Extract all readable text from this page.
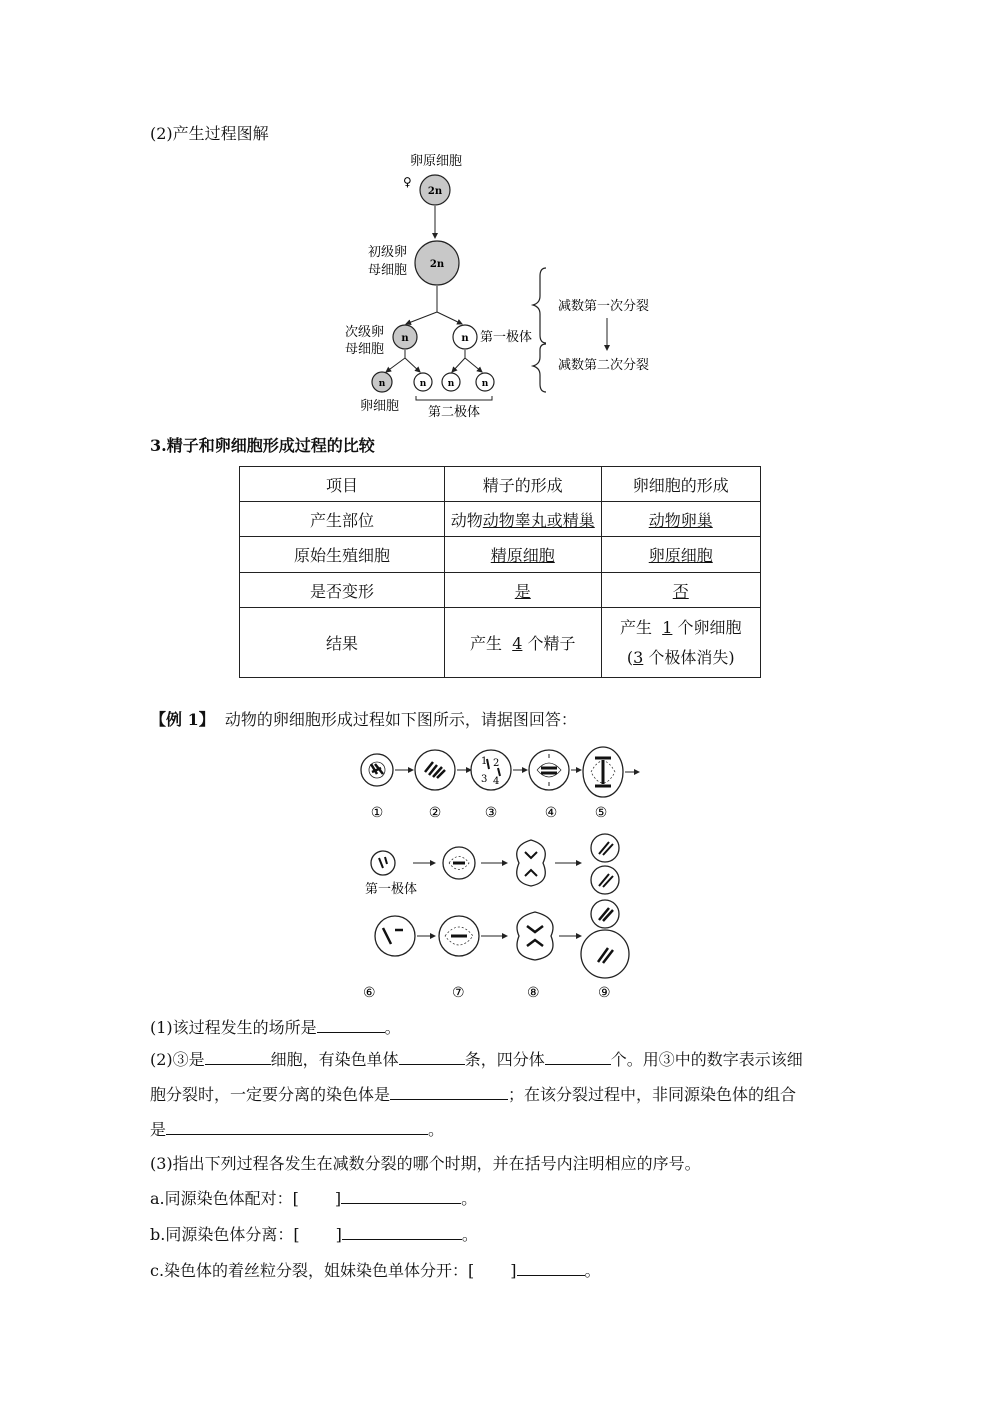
(2)产生过程图解
卵原细胞
♀
2n
初级卵
母细胞 2n
次级卵
母细胞
n	n 第一极体
n	n n	n
卵细胞 第二极体
减数第一次分裂
减数第二次分裂
3.精子和卵细胞形成过程的比较
项目	精子的形成	卵细胞的形成
产生部位	动物动物睾丸或精巢	动物卵巢
原始生殖细胞	精原细胞	卵原细胞
是否变形	是	否
结果	产生 4 个精子	产生 1 个卵细胞
(3 个极体消失)
【例 1】 动物的卵细胞形成过程如下图所示，请据图回答：
1 2
3 4
①	②	③	④	⑤
第一极体
⑥	⑦	⑧	⑨
(1)该过程发生的场所是	。
(2)③是	细胞，有染色单体	条，四分体	个。用③中的数字表示该细
胞分裂时，一定要分离的染色体是	；在该分裂过程中，非同源染色体的组合
是	。
(3)指出下列过程各发生在减数分裂的哪个时期，并在括号内注明相应的序号。
a.同源染色体配对：[ ]	。
b.同源染色体分离：[ ]	。
c.染色体的着丝粒分裂，姐妹染色单体分开：[ ]	。
